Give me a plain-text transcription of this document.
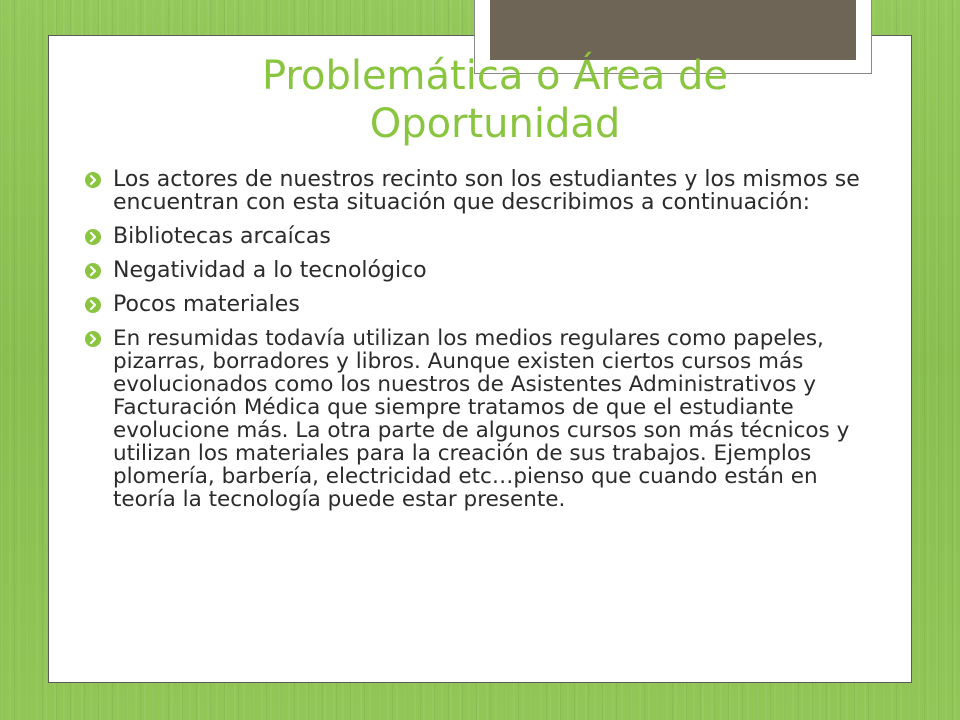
Problemática o Área de
Oportunidad
Los actores de nuestros recinto son los estudiantes y los mismos se encuentran con esta situación que describimos a continuación:
Bibliotecas arcaícas
Negatividad a lo tecnológico
Pocos materiales
En resumidas todavía utilizan los medios regulares como papeles, pizarras, borradores y libros. Aunque existen ciertos cursos más evolucionados como los nuestros de Asistentes Administrativos y Facturación Médica que siempre tratamos de que el estudiante evolucione más. La otra parte de algunos cursos son más técnicos y utilizan los materiales para la creación de sus trabajos. Ejemplos plomería, barbería, electricidad etc…pienso que cuando están en teoría la tecnología puede estar presente.
